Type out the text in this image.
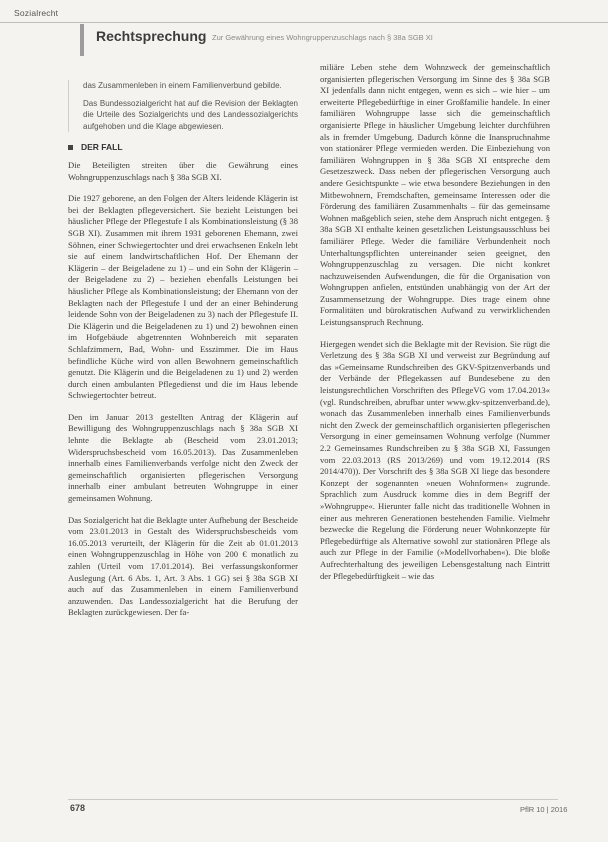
Sozialrecht
Rechtsprechung Zur Gewährung eines Wohngruppenzuschlags nach § 38a SGB XI

das Zusammenleben in einem Familienverbund gebilde.

Das Bundessozialgericht hat auf die Revision der Beklagten die Urteile des Sozialgerichts und des Landessozialgerichts aufgehoben und die Klage abgewiesen.

DER FALL

Die Beteiligten streiten über die Gewährung eines Wohngruppenzuschlags nach § 38a SGB XI.

Die 1927 geborene, an den Folgen der Alters leidende Klägerin ist bei der Beklagten pflegeversichert. Sie bezieht Leistungen bei häuslicher Pflege der Pflegestufe I als Kombinationsleistung (§ 38 SGB XI). Zusammen mit ihrem 1931 geborenen Ehemann, zwei Söhnen, einer Schwiegertochter und drei erwachsenen Enkeln lebt sie auf einem landwirtschaftlichen Hof. Der Ehemann der Klägerin – der Beigeladene zu 1) – und ein Sohn der Klägerin – der Beigeladene zu 2) – beziehen ebenfalls Leistungen bei häuslicher Pflege als Kombinationsleistung; der Ehemann von der Beklagten nach der Pflegestufe I und der an einer Behinderung leidende Sohn von der Beigeladenen zu 3) nach der Pflegestufe II. Die Klägerin und die Beigeladenen zu 1) und 2) bewohnen einen im Hofgebäude abgetrennten Wohnbereich mit separaten Schlafzimmern, Bad, Wohn- und Esszimmer. Die im Haus befindliche Küche wird von allen Bewohnern gemeinschaftlich genutzt. Die Klägerin und die Beigeladenen zu 1) und 2) werden durch einen ambulanten Pflegedienst und die im Haus lebende Schwiegertochter betreut.

Den im Januar 2013 gestellten Antrag der Klägerin auf Bewilligung des Wohngruppenzuschlags nach § 38a SGB XI lehnte die Beklagte ab (Bescheid vom 23.01.2013; Widerspruchsbescheid vom 16.05.2013). Das Zusammenleben innerhalb eines Familienverbands verfolge nicht den Zweck der gemeinschaftlich organisierten pflegerischen Versorgung innerhalb einer ambulant betreuten Wohngruppe in einer gemeinsamen Wohnung.

Das Sozialgericht hat die Beklagte unter Aufhebung der Bescheide vom 23.01.2013 in Gestalt des Widerspruchsbescheids vom 16.05.2013 verurteilt, der Klägerin für die Zeit ab 01.01.2013 einen Wohngruppenzuschlag in Höhe von 200 € monatlich zu zahlen (Urteil vom 17.01.2014). Bei verfassungskonformer Auslegung (Art. 6 Abs. 1, Art. 3 Abs. 1 GG) sei § 38a SGB XI auch auf das Zusammenleben in einem Familienverbund anzuwenden. Das Landessozialgericht hat die Berufung der Beklagten zurückgewiesen. Der fa-

miliäre Leben stehe dem Wohnzweck der gemeinschaftlich organisierten pflegerischen Versorgung im Sinne des § 38a SGB XI jedenfalls dann nicht entgegen, wenn es sich – wie hier – um erweiterte Pflegebedürftige in einer Großfamilie handele. In einer familiären Wohngruppe lasse sich die gemeinschaftlich organisierte Pflege in häuslicher Umgebung leichter durchführen als in fremder Umgebung. Dadurch könne die Inanspruchnahme von stationärer Pflege vermieden werden. Die Einbeziehung von familiären Wohngruppen in § 38a SGB XI entspreche dem Gesetzeszweck. Dass neben der pflegerischen Versorgung auch andere Gesichtspunkte – wie etwa besondere Beziehungen in den Mitbewohnern, Fremdschaften, gemeinsame Interessen oder die Förderung des familiären Zusammenhalts – für das gemeinsame Wohnen maßgeblich seien, stehe dem Anspruch nicht entgegen. § 38a SGB XI enthalte keinen gesetzlichen Leistungsausschluss bei familiärer Pflege. Weder die familiäre Verbundenheit noch Unterhaltungspflichten untereinander seien geeignet, den Wohngruppenzuschlag zu versagen. Die nicht konkret nachzuweisenden Aufwendungen, die für die Organisation von Wohngruppen anfielen, entstünden unabhängig von der Art der Zusammensetzung der Wohngruppe. Dies trage einem ohne Formalitäten und bürokratischen Aufwand zu verwirklichenden Leistungsanspruch Rechnung.

Hiergegen wendet sich die Beklagte mit der Revision. Sie rügt die Verletzung des § 38a SGB XI und verweist zur Begründung auf das »Gemeinsame Rundschreiben des GKV-Spitzenverbands und der Verbände der Pflegekassen auf Bundesebene zu den leistungsrechtlichen Vorschriften des PflegeVG vom 17.04.2013« (vgl. Rundschreiben, abrufbar unter www.gkv-spitzenverband.de), wonach das Zusammenleben innerhalb eines Familienverbunds nicht den Zweck der gemeinschaftlich organisierten pflegerischen Versorgung in einer gemeinsamen Wohnung verfolge (Nummer 2.2 Gemeinsames Rundschreiben zu § 38a SGB XI, Fassungen vom 22.03.2013 (RS 2013/269) und vom 19.12.2014 (RS 2014/470)). Der Vorschrift des § 38a SGB XI liege das besondere Konzept der sogenannten »neuen Wohnformen« zugrunde. Sprachlich zum Ausdruck komme dies in dem Begriff der »Wohngruppe«. Hierunter falle nicht das traditionelle Wohnen in einer aus mehreren Generationen bestehenden Familie. Vielmehr bezwecke die Regelung die Förderung neuer Wohnkonzepte für Pflegebedürftige als Alternative sowohl zur stationären Pflege als auch zur Pflege in der Familie (»Modellvorhaben«). Die bloße Aufrechterhaltung des jeweiligen Lebensgestaltung nach Eintritt der Pflegebedürftigkeit – wie das

678	PflR 10 | 2016
